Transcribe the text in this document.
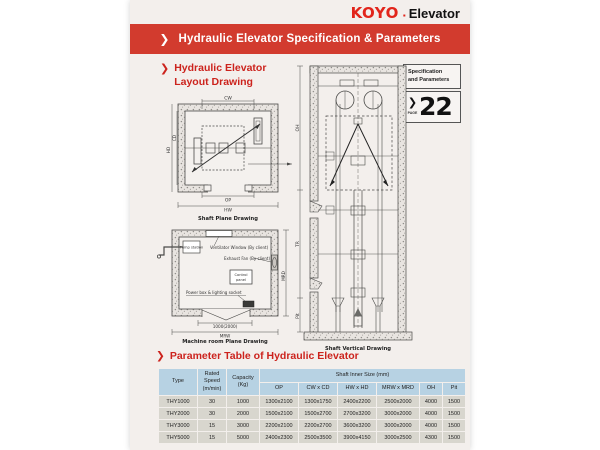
KOYO ▪ Elevator
❯ Hydraulic Elevator Specification & Parameters
❯ Hydraulic Elevator
Layout Drawing
Specification
and Parameters
❯
PAGE 22
CW
HD
CD
OP
HW
Shaft Plane Drawing
Ventilator Window (By client)
Pump station
Exhaust Fan (By client)
Control
panel
Power box & lighting socket
1000(2000)
MRW
MRD
Machine room Plane Drawing
OH
TR
Pit
Shaft Vertical Drawing
❯ Parameter Table of Hydraulic Elevator
Type	Rated Speed (m/min)	Capacity (Kg)	Shaft Inner Size (mm)					
			OP	CW x CD	HW x HD	MRW x MRD	OH	Pit
THY1000	30	1000	1300x2100	1300x1750	2400x2200	2500x2000	4000	1500
THY2000	30	2000	1500x2100	1500x2700	2700x3200	3000x2000	4000	1500
THY3000	15	3000	2200x2100	2200x2700	3600x3200	3000x2000	4000	1500
THY5000	15	5000	2400x2300	2500x3500	3900x4150	3000x2500	4300	1500
